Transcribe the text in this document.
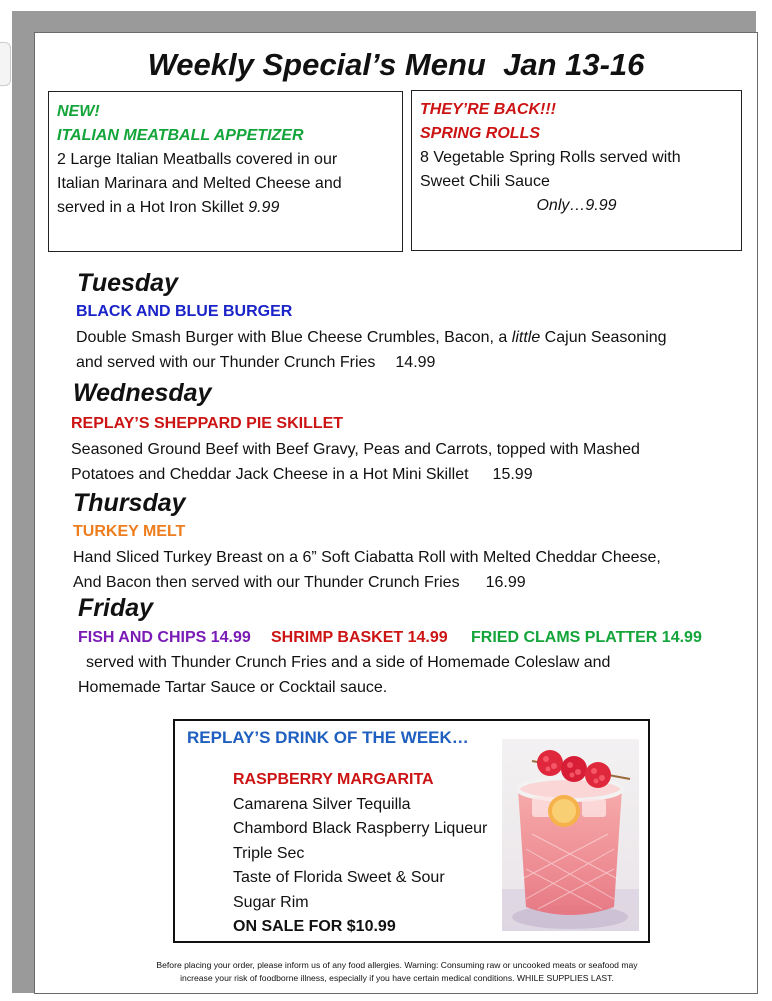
Weekly Special’s Menu  Jan 13-16
NEW!
ITALIAN MEATBALL APPETIZER
2 Large Italian Meatballs covered in our
Italian Marinara and Melted Cheese and
served in a Hot Iron Skillet 9.99
THEY’RE BACK!!!
SPRING ROLLS
8 Vegetable Spring Rolls served with
Sweet Chili Sauce
Only…9.99
Tuesday
BLACK AND BLUE BURGER
Double Smash Burger with Blue Cheese Crumbles, Bacon, a little Cajun Seasoning
and served with our Thunder Crunch Fries 14.99
Wednesday
REPLAY’S SHEPPARD PIE SKILLET
Seasoned Ground Beef with Beef Gravy, Peas and Carrots, topped with Mashed
Potatoes and Cheddar Jack Cheese in a Hot Mini Skillet 15.99
Thursday
TURKEY MELT
Hand Sliced Turkey Breast on a 6” Soft Ciabatta Roll with Melted Cheddar Cheese,
And Bacon then served with our Thunder Crunch Fries 16.99
Friday
FISH AND CHIPS 14.99 SHRIMP BASKET 14.99 FRIED CLAMS PLATTER 14.99
served with Thunder Crunch Fries and a side of Homemade Coleslaw and
Homemade Tartar Sauce or Cocktail sauce.
REPLAY’S DRINK OF THE WEEK…
RASPBERRY MARGARITA
Camarena Silver Tequilla
Chambord Black Raspberry Liqueur
Triple Sec
Taste of Florida Sweet & Sour
Sugar Rim
ON SALE FOR $10.99
Before placing your order, please inform us of any food allergies. Warning: Consuming raw or uncooked meats or seafood may
increase your risk of foodborne illness, especially if you have certain medical conditions. WHILE SUPPLIES LAST.
